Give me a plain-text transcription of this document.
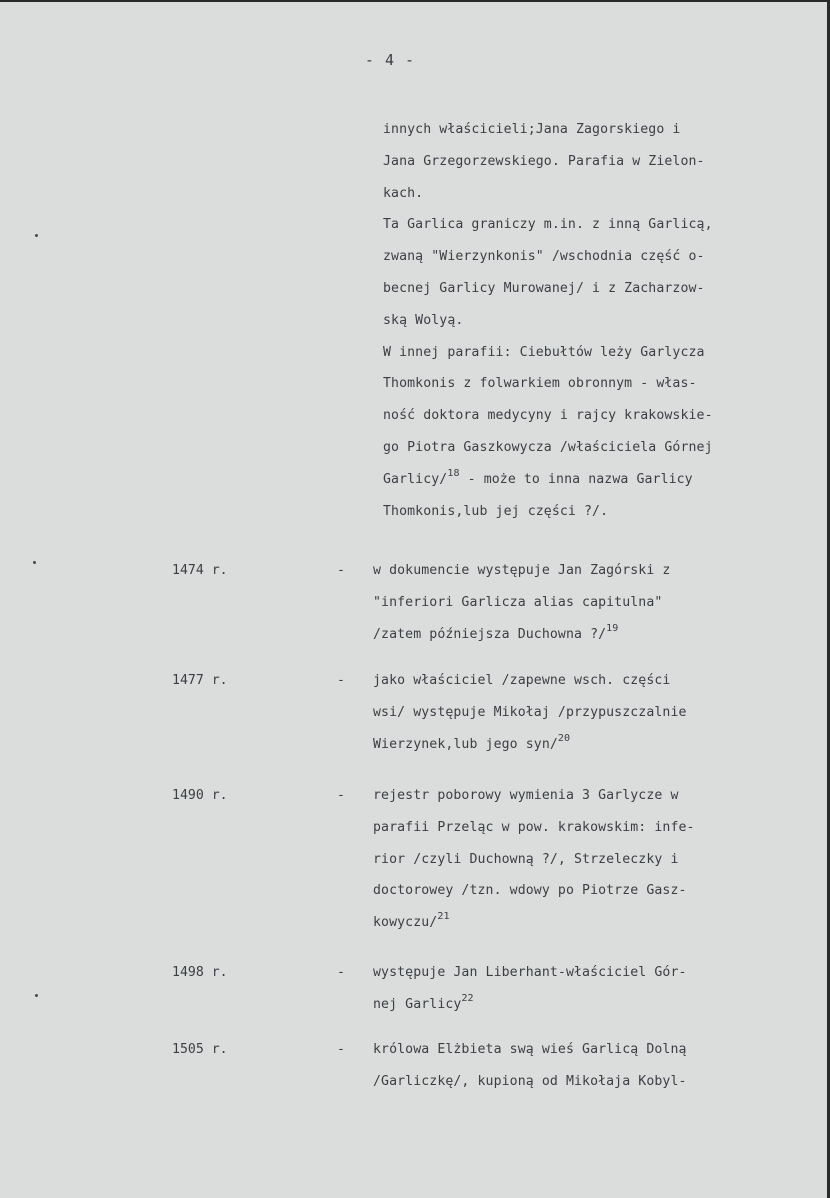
- 4 -
innych właścicieli;Jana Zagorskiego i
Jana Grzegorzewskiego. Parafia w Zielon-
kach.
Ta Garlica graniczy m.in. z inną Garlicą,
zwaną "Wierzynkonis" /wschodnia część o-
becnej Garlicy Murowanej/ i z Zacharzow-
ską Wolyą.
W innej parafii: Ciebułtów leży Garlycza
Thomkonis z folwarkiem obronnym - włas-
ność doktora medycyny i rajcy krakowskie-
go Piotra Gaszkowycza /właściciela Górnej
Garlicy/$^{18}$ - może to inna nazwa Garlicy
Thomkonis,lub jej części ?/.
1474 r.	- w dokumencie występuje Jan Zagórski z
"inferiori Garlicza alias capitulna"
/zatem późniejsza Duchowna ?/$^{19}$
1477 r.	- jako właściciel /zapewne wsch. części
wsi/ występuje Mikołaj /przypuszczalnie
Wierzynek,lub jego syn/$^{20}$
1490 r.	- rejestr poborowy wymienia 3 Garlycze w
parafii Przeląc w pow. krakowskim: infe-
rior /czyli Duchowną ?/, Strzeleczky i
doctorowey /tzn. wdowy po Piotrze Gasz-
kowyczu/$^{21}$
1498 r.	- występuje Jan Liberhant-właściciel Gór-
nej Garlicy$^{22}$
1505 r.	- królowa Elżbieta swą wieś Garlicą Dolną
/Garliczkę/, kupioną od Mikołaja Kobyl-
